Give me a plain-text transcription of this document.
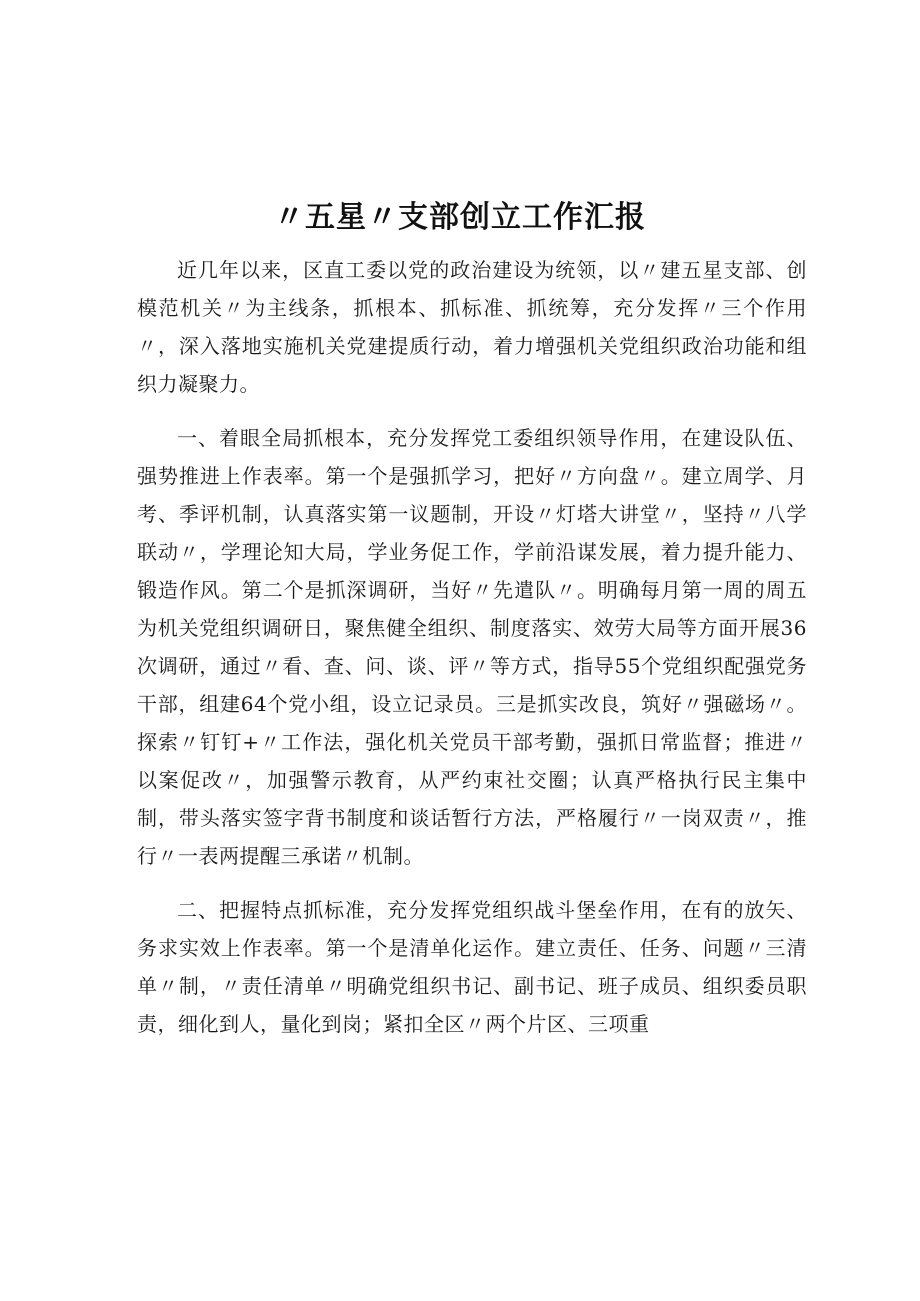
〃五星〃支部创立工作汇报

近几年以来，区直工委以党的政治建设为统领，以〃建五星支部、创模范机关〃为主线条，抓根本、抓标准、抓统筹，充分发挥〃三个作用〃，深入落地实施机关党建提质行动，着力增强机关党组织政治功能和组织力凝聚力。

一、着眼全局抓根本，充分发挥党工委组织领导作用，在建设队伍、强势推进上作表率。第一个是强抓学习，把好〃方向盘〃。建立周学、月考、季评机制，认真落实第一议题制，开设〃灯塔大讲堂〃，坚持〃八学联动〃，学理论知大局，学业务促工作，学前沿谋发展，着力提升能力、锻造作风。第二个是抓深调研，当好〃先遣队〃。明确每月第一周的周五为机关党组织调研日，聚焦健全组织、制度落实、效劳大局等方面开展36次调研，通过〃看、查、问、谈、评〃等方式，指导55个党组织配强党务干部，组建64个党小组，设立记录员。三是抓实改良，筑好〃强磁场〃。探索〃钉钉+〃工作法，强化机关党员干部考勤，强抓日常监督；推进〃以案促改〃，加强警示教育，从严约束社交圈；认真严格执行民主集中制，带头落实签字背书制度和谈话暂行方法，严格履行〃一岗双责〃，推行〃一表两提醒三承诺〃机制。

二、把握特点抓标准，充分发挥党组织战斗堡垒作用，在有的放矢、务求实效上作表率。第一个是清单化运作。建立责任、任务、问题〃三清单〃制，〃责任清单〃明确党组织书记、副书记、班子成员、组织委员职责，细化到人，量化到岗；紧扣全区〃两个片区、三项重
